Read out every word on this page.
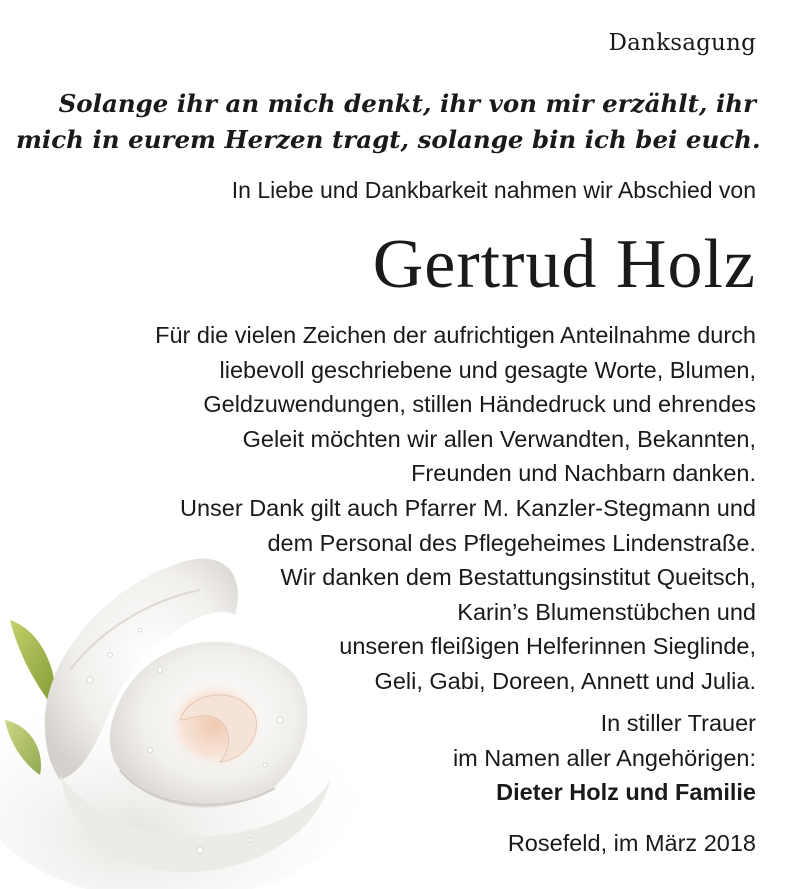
Danksagung
Solange ihr an mich denkt, ihr von mir erzählt, ihr
mich in eurem Herzen tragt, solange bin ich bei euch.
In Liebe und Dankbarkeit nahmen wir Abschied von
Gertrud Holz
Für die vielen Zeichen der aufrichtigen Anteilnahme durch
liebevoll geschriebene und gesagte Worte, Blumen,
Geldzuwendungen, stillen Händedruck und ehrendes
Geleit möchten wir allen Verwandten, Bekannten,
Freunden und Nachbarn danken.
Unser Dank gilt auch Pfarrer M. Kanzler-Stegmann und
dem Personal des Pflegeheimes Lindenstraße.
Wir danken dem Bestattungsinstitut Queitsch,
Karin’s Blumenstübchen und
unseren fleißigen Helferinnen Sieglinde,
Geli, Gabi, Doreen, Annett und Julia.
In stiller Trauer
im Namen aller Angehörigen:
Dieter Holz und Familie
Rosefeld, im März 2018
